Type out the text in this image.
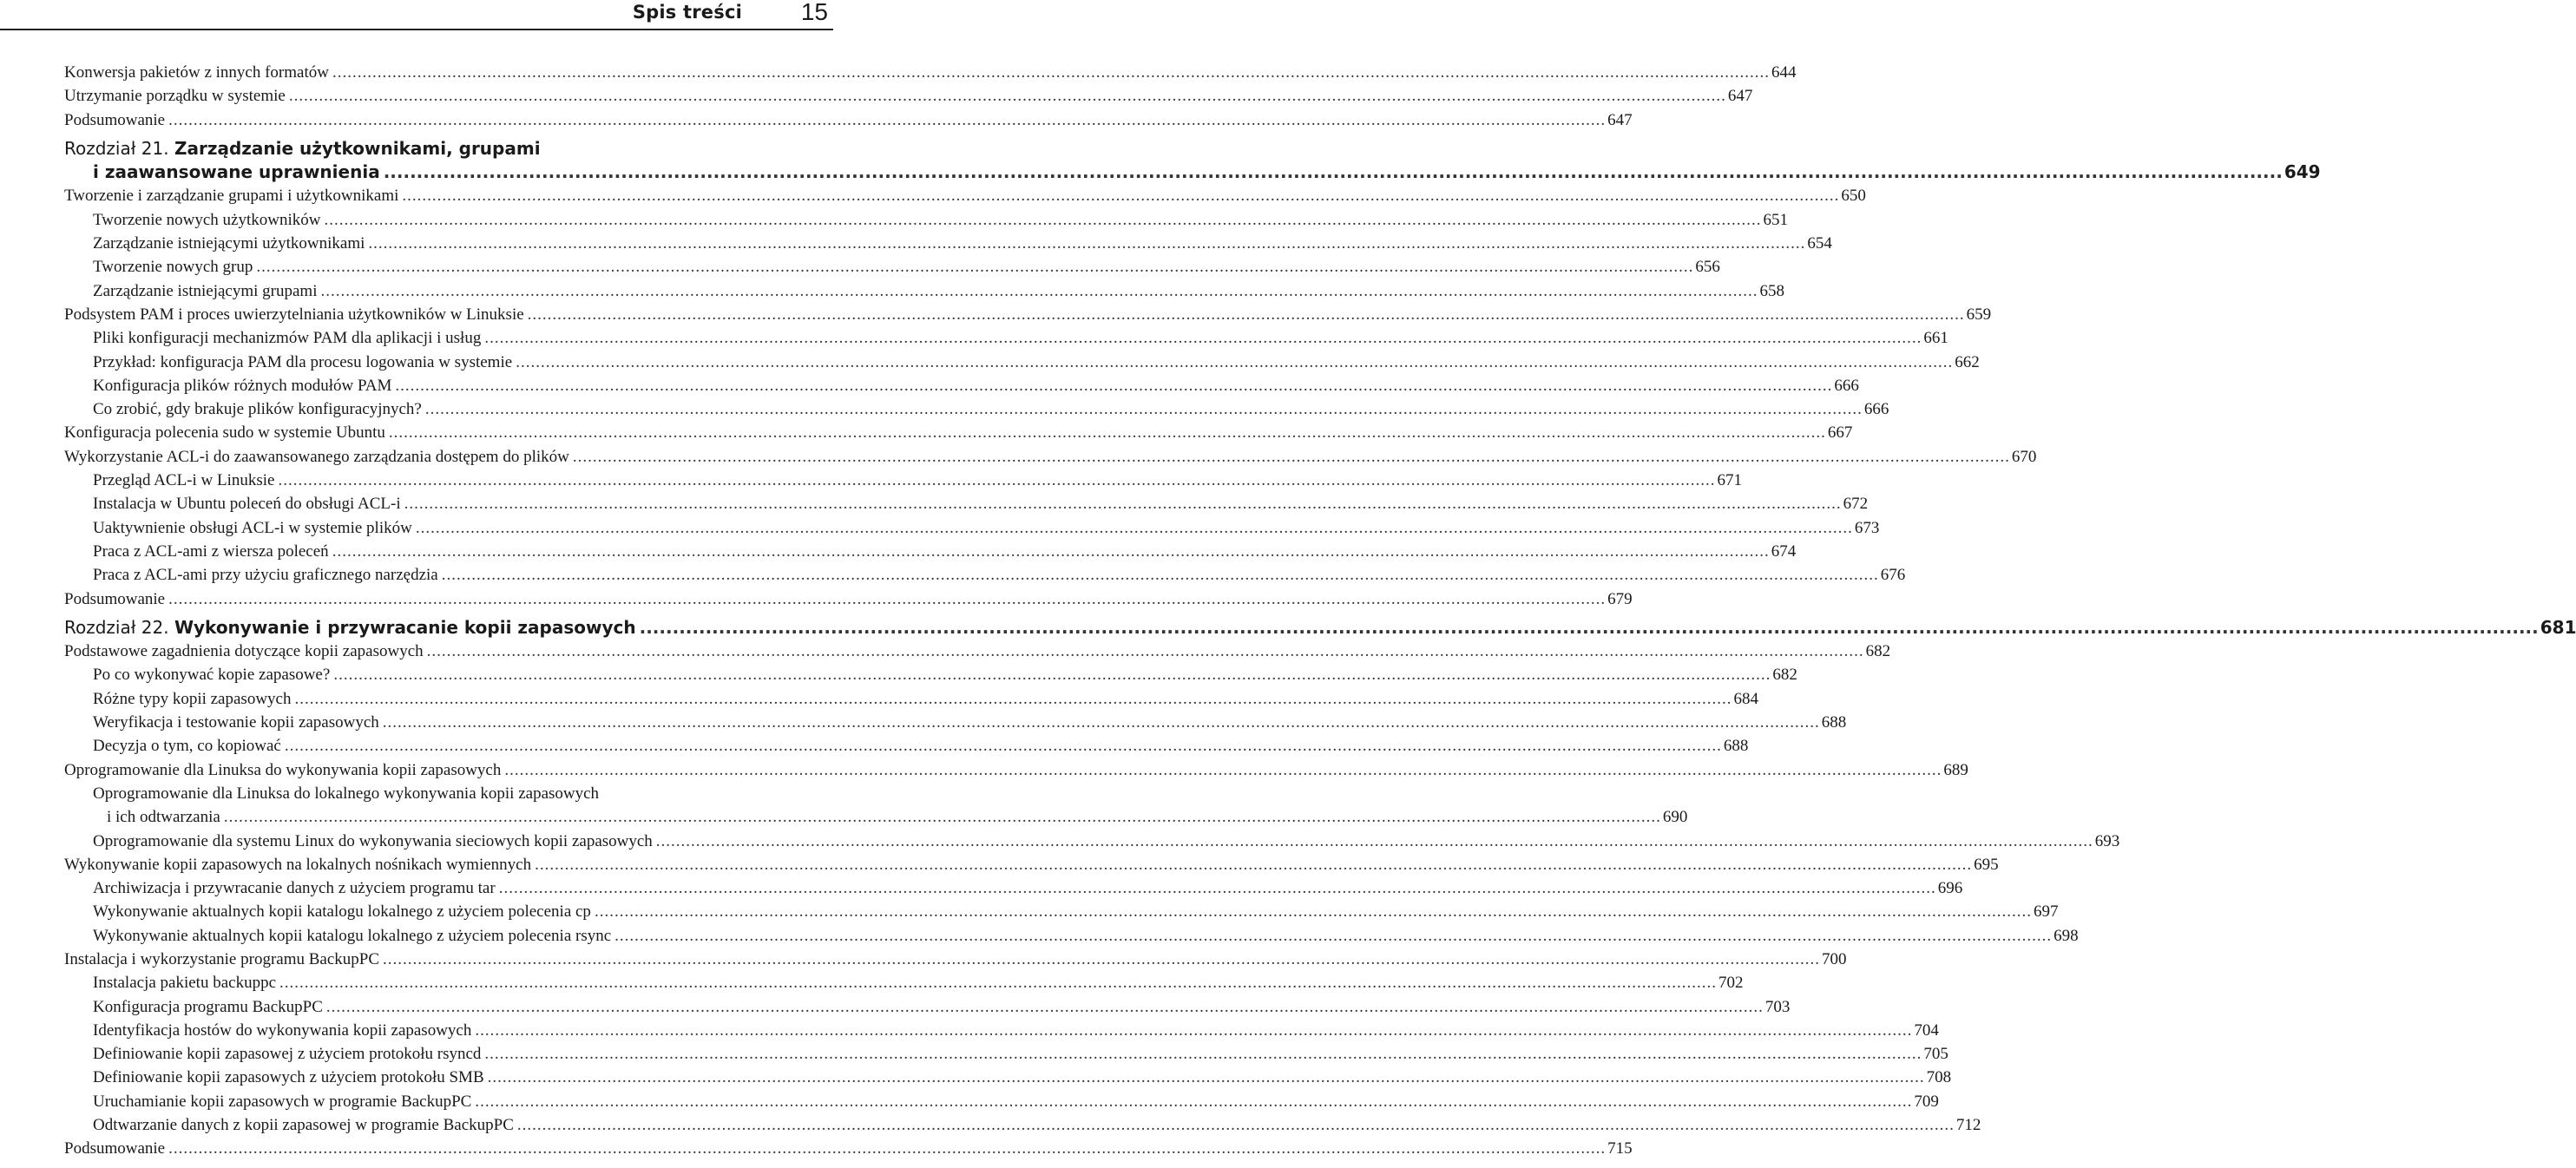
Spis treści 15
Konwersja pakietów z innych formatów .....	644
Utrzymanie porządku w systemie .....	647
Podsumowanie .....	647
Rozdział 21. Zarządzanie użytkownikami, grupami
i zaawansowane uprawnienia .....	649
Tworzenie i zarządzanie grupami i użytkownikami .....	650
Tworzenie nowych użytkowników .....	651
Zarządzanie istniejącymi użytkownikami .....	654
Tworzenie nowych grup .....	656
Zarządzanie istniejącymi grupami .....	658
Podsystem PAM i proces uwierzytelniania użytkowników w Linuksie .....	659
Pliki konfiguracji mechanizmów PAM dla aplikacji i usług .....	661
Przykład: konfiguracja PAM dla procesu logowania w systemie .....	662
Konfiguracja plików różnych modułów PAM .....	666
Co zrobić, gdy brakuje plików konfiguracyjnych? .....	666
Konfiguracja polecenia sudo w systemie Ubuntu .....	667
Wykorzystanie ACL-i do zaawansowanego zarządzania dostępem do plików .....	670
Przegląd ACL-i w Linuksie .....	671
Instalacja w Ubuntu poleceń do obsługi ACL-i .....	672
Uaktywnienie obsługi ACL-i w systemie plików .....	673
Praca z ACL-ami z wiersza poleceń .....	674
Praca z ACL-ami przy użyciu graficznego narzędzia .....	676
Podsumowanie .....	679
Rozdział 22. Wykonywanie i przywracanie kopii zapasowych .....	681
Podstawowe zagadnienia dotyczące kopii zapasowych .....	682
Po co wykonywać kopie zapasowe? .....	682
Różne typy kopii zapasowych .....	684
Weryfikacja i testowanie kopii zapasowych .....	688
Decyzja o tym, co kopiować .....	688
Oprogramowanie dla Linuksa do wykonywania kopii zapasowych .....	689
Oprogramowanie dla Linuksa do lokalnego wykonywania kopii zapasowych
i ich odtwarzania .....	690
Oprogramowanie dla systemu Linux do wykonywania sieciowych kopii zapasowych .....	693
Wykonywanie kopii zapasowych na lokalnych nośnikach wymiennych .....	695
Archiwizacja i przywracanie danych z użyciem programu tar .....	696
Wykonywanie aktualnych kopii katalogu lokalnego z użyciem polecenia cp .....	697
Wykonywanie aktualnych kopii katalogu lokalnego z użyciem polecenia rsync .....	698
Instalacja i wykorzystanie programu BackupPC .....	700
Instalacja pakietu backuppc .....	702
Konfiguracja programu BackupPC .....	703
Identyfikacja hostów do wykonywania kopii zapasowych .....	704
Definiowanie kopii zapasowej z użyciem protokołu rsyncd .....	705
Definiowanie kopii zapasowych z użyciem protokołu SMB .....	708
Uruchamianie kopii zapasowych w programie BackupPC .....	709
Odtwarzanie danych z kopii zapasowej w programie BackupPC .....	712
Podsumowanie .....	715
